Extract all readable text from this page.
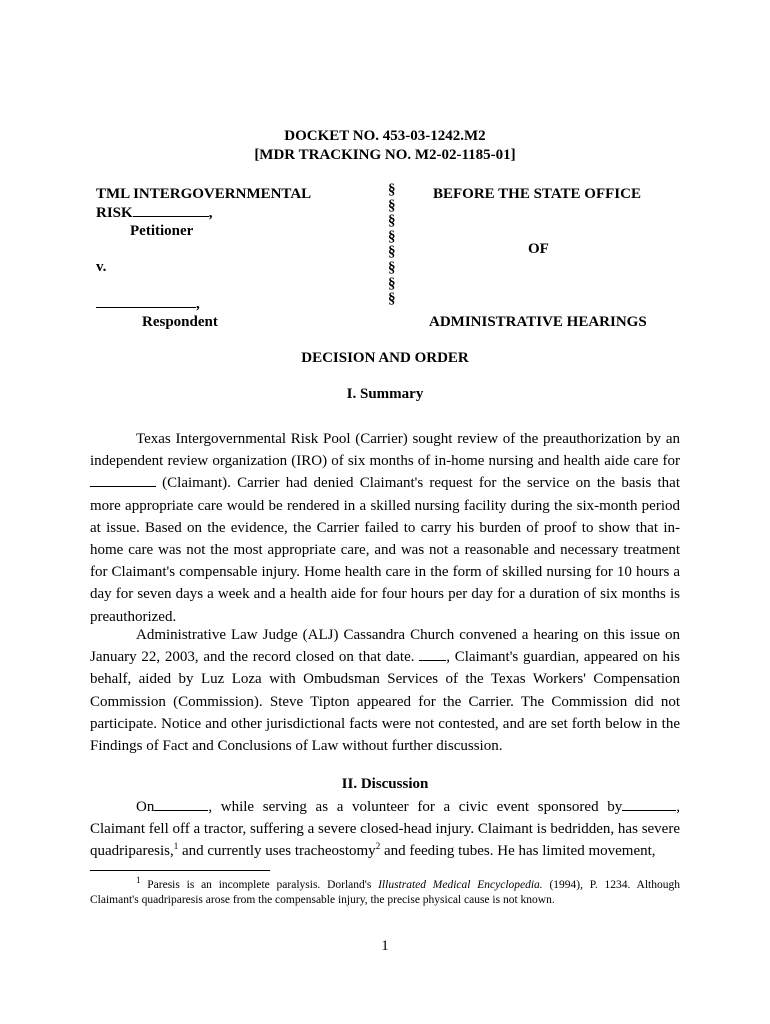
DOCKET NO. 453-03-1242.M2
[MDR TRACKING NO. M2-02-1185-01]
TML INTERGOVERNMENTAL
RISK	,
Petitioner
v.
,
Respondent
§
§
§
§
§
§
§
§
BEFORE THE STATE OFFICE
OF
ADMINISTRATIVE HEARINGS
DECISION AND ORDER
I. Summary

Texas Intergovernmental Risk Pool (Carrier) sought review of the preauthorization by an independent review organization (IRO) of six months of in-home nursing and health aide care for  (Claimant). Carrier had denied Claimant's request for the service on the basis that more appropriate care would be rendered in a skilled nursing facility during the six-month period at issue. Based on the evidence, the Carrier failed to carry his burden of proof to show that in-home care was not the most appropriate care, and was not a reasonable and necessary treatment for Claimant's compensable injury. Home health care in the form of skilled nursing for 10 hours a day for seven days a week and a health aide for four hours per day for a duration of six months is preauthorized.

Administrative Law Judge (ALJ) Cassandra Church convened a hearing on this issue on January 22, 2003, and the record closed on that date. , Claimant's guardian, appeared on his behalf, aided by Luz Loza with Ombudsman Services of the Texas Workers' Compensation Commission (Commission). Steve Tipton appeared for the Carrier. The Commission did not participate. Notice and other jurisdictional facts were not contested, and are set forth below in the Findings of Fact and Conclusions of Law without further discussion.

II. Discussion

On	, while serving as a volunteer for a civic event sponsored by	, Claimant fell off a tractor, suffering a severe closed-head injury. Claimant is bedridden, has severe quadriparesis,$^1$ and currently uses tracheostomy$^2$ and feeding tubes. He has limited movement,

$^1$ Paresis is an incomplete paralysis. Dorland's Illustrated Medical Encyclopedia. (1994), P. 1234. Although Claimant's quadriparesis arose from the compensable injury, the precise physical cause is not known.
1
